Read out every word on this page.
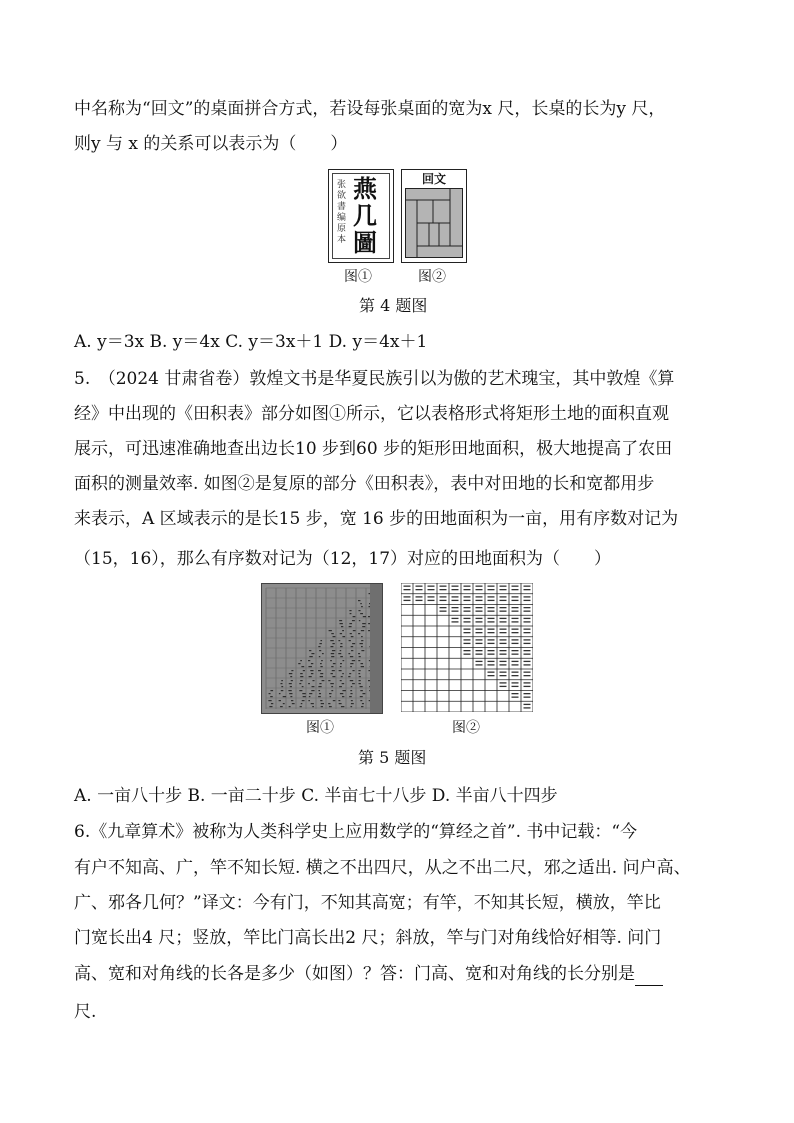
中名称为“回文”的桌面拼合方式，若设每张桌面的宽为x 尺，长桌的长为y 尺，
则y 与 x 的关系可以表示为（　　）
张 欲 書 编 原 本
燕
几
圖
图①
回文
图②
第 4 题图
A. y＝3x B. y＝4x C. y＝3x＋1 D. y＝4x＋1
5.　（2024 甘肃省卷）敦煌文书是华夏民族引以为傲的艺术瑰宝，其中敦煌《算
经》中出现的《田积表》部分如图①所示，它以表格形式将矩形土地的面积直观
展示，可迅速准确地查出边长10 步到60 步的矩形田地面积，极大地提高了农田
面积的测量效率. 如图②是复原的部分《田积表》，表中对田地的长和宽都用步
来表示，A 区域表示的是长15 步，宽 16 步的田地面积为一亩，用有序数对记为
（15，16），那么有序数对记为（12，17）对应的田地面积为（　　）
图①	图②
第 5 题图
A. 一亩八十步 B. 一亩二十步 C. 半亩七十八步 D. 半亩八十四步
6.《九章算术》被称为人类科学史上应用数学的“算经之首”. 书中记载：“今
有户不知高、广，竿不知长短. 横之不出四尺，从之不出二尺，邪之适出. 问户高、
广、邪各几何？”译文：今有门，不知其高宽；有竿，不知其长短，横放，竿比
门宽长出4 尺；竖放，竿比门高长出2 尺；斜放，竿与门对角线恰好相等. 问门
高、宽和对角线的长各是多少（如图）？答：门高、宽和对角线的长分别是
尺.
